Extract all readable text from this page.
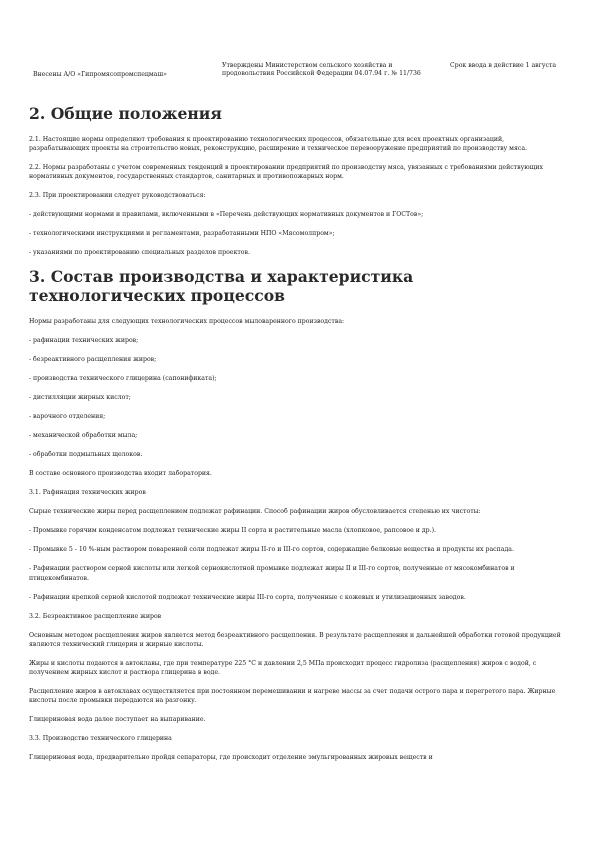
Внесены А/О «Гипромясопромспецмаш»
Утверждены Министерством сельского хозяйства и продовольствия Российской Федерации 04.07.94 г. № 11/736
Срок ввода в действие 1 августа
2. Общие положения

2.1. Настоящие нормы определяют требования к проектированию технологических процессов, обязательные для всех проектных организаций, разрабатывающих проекты на строительство новых, реконструкцию, расширение и техническое перевооружение предприятий по производству мяса.

2.2. Нормы разработаны с учетом современных тенденций в проектировании предприятий по производству мяса, увязанных с требованиями действующих нормативных документов, государственных стандартов, санитарных и противопожарных норм.

2.3. При проектировании следует руководствоваться:

- действующими нормами и правилами, включенными в «Перечень действующих нормативных документов и ГОСТов»;

- технологическими инструкциями и регламентами, разработанными НПО «Мясомолпром»;

- указаниями по проектированию специальных разделов проектов.

3. Состав производства и характеристика технологических процессов

Нормы разработаны для следующих технологических процессов мыловаренного производства:

- рафинации технических жиров;

- безреактивного расщепления жиров;

- производства технического глицерина (сапонификата);

- дистилляции жирных кислот;

- варочного отделения;

- механической обработки мыла;

- обработки подмыльных щелоков.

В составе основного производства входит лаборатория.

3.1. Рафинация технических жиров

Сырые технические жиры перед расщеплением подлежат рафинации. Способ рафинации жиров обусловливается степенью их чистоты:

- Промывке горячим конденсатом подлежат технические жиры II сорта и растительные масла (хлопковое, рапсовое и др.).

- Промывке 5 - 10 %-ным раствором поваренной соли подлежат жиры II-го и III-го сортов, содержащие белковые вещества и продукты их распада.

- Рафинации раствором серной кислоты или легкой сернокислотной промывке подлежат жиры II и III-го сортов, полученные от мясокомбинатов и птицекомбинатов.

- Рафинации крепкой серной кислотой подлежат технические жиры III-го сорта, полученные с кожевых и утилизационных заводов.

3.2. Безреактивное расщепление жиров

Основным методом расщепления жиров является метод безреактивного расщепления. В результате расщепления и дальнейшей обработки готовой продукцией являются технический глицерин и жирные кислоты.

Жиры и кислоты подаются в автоклавы, где при температуре 225 °С и давлении 2,5 МПа происходит процесс гидролиза (расщепления) жиров с водой, с получением жирных кислот и раствора глицерина в воде.

Расщепление жиров в автоклавах осуществляется при постоянном перемешивании и нагреве массы за счет подачи острого пара и перегретого пара. Жирные кислоты после промывки передаются на разгонку.

Глицериновая вода далее поступает на выпаривание.

3.3. Производство технического глицерина

Глицериновая вода, предварительно пройдя сепараторы, где происходит отделение эмульгированных жировых веществ и
